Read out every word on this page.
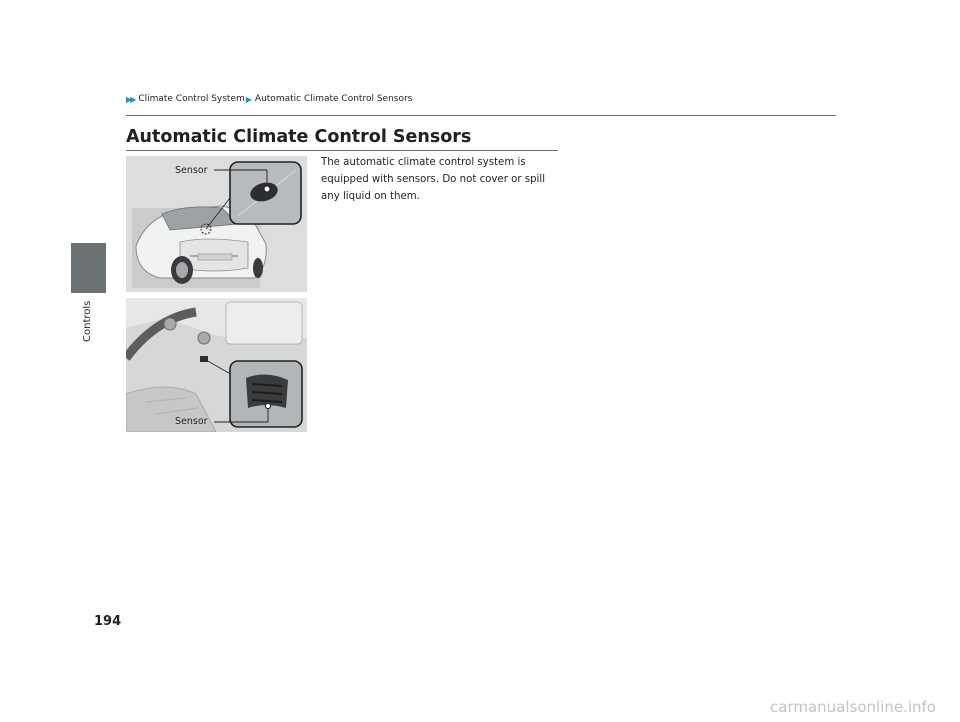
▶▶ Climate Control System ▶ Automatic Climate Control Sensors
Controls
Automatic Climate Control Sensors

The automatic climate control system is equipped with sensors. Do not cover or spill any liquid on them.

Sensor
Sensor
194
carmanualsonline.info
